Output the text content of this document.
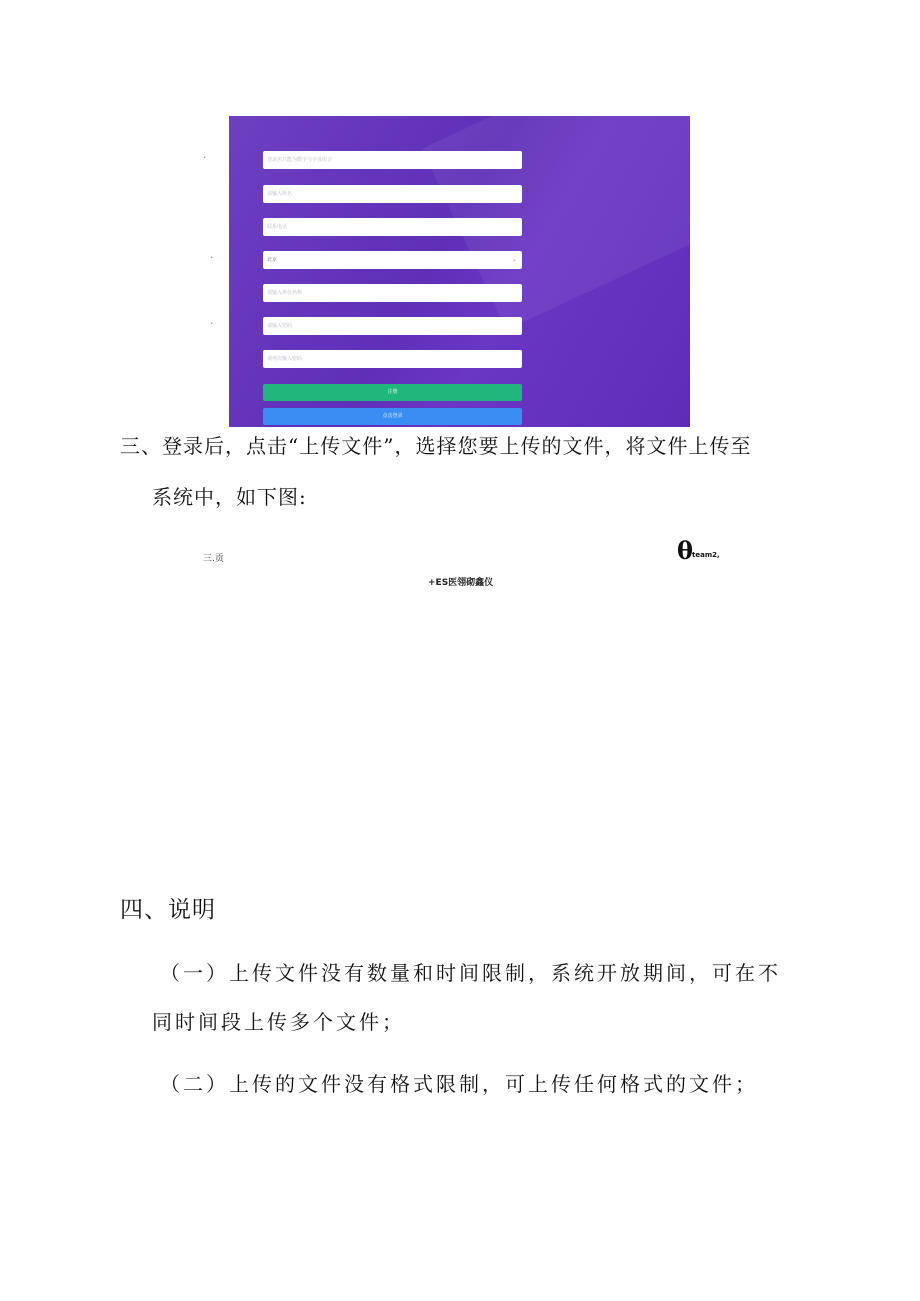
· 登录名	登录名只能为数字与字母组合
联系人	请输入姓名
联系电话	联系电话
· 省份	北京	⌄
单位名称	请输入单位名称
· 密码	请输入密码
确认密码	请再次输入密码
注册
点击登录
三、登录后，点击“上传文件”，选择您要上传的文件，将文件上传至
系统中，如下图:
三.贡	θ
team2,
+ES医翎砌鑫仪
四、说明
（一）上传文件没有数量和时间限制，系统开放期间，可在不
同时间段上传多个文件；
（二）上传的文件没有格式限制，可上传任何格式的文件；
